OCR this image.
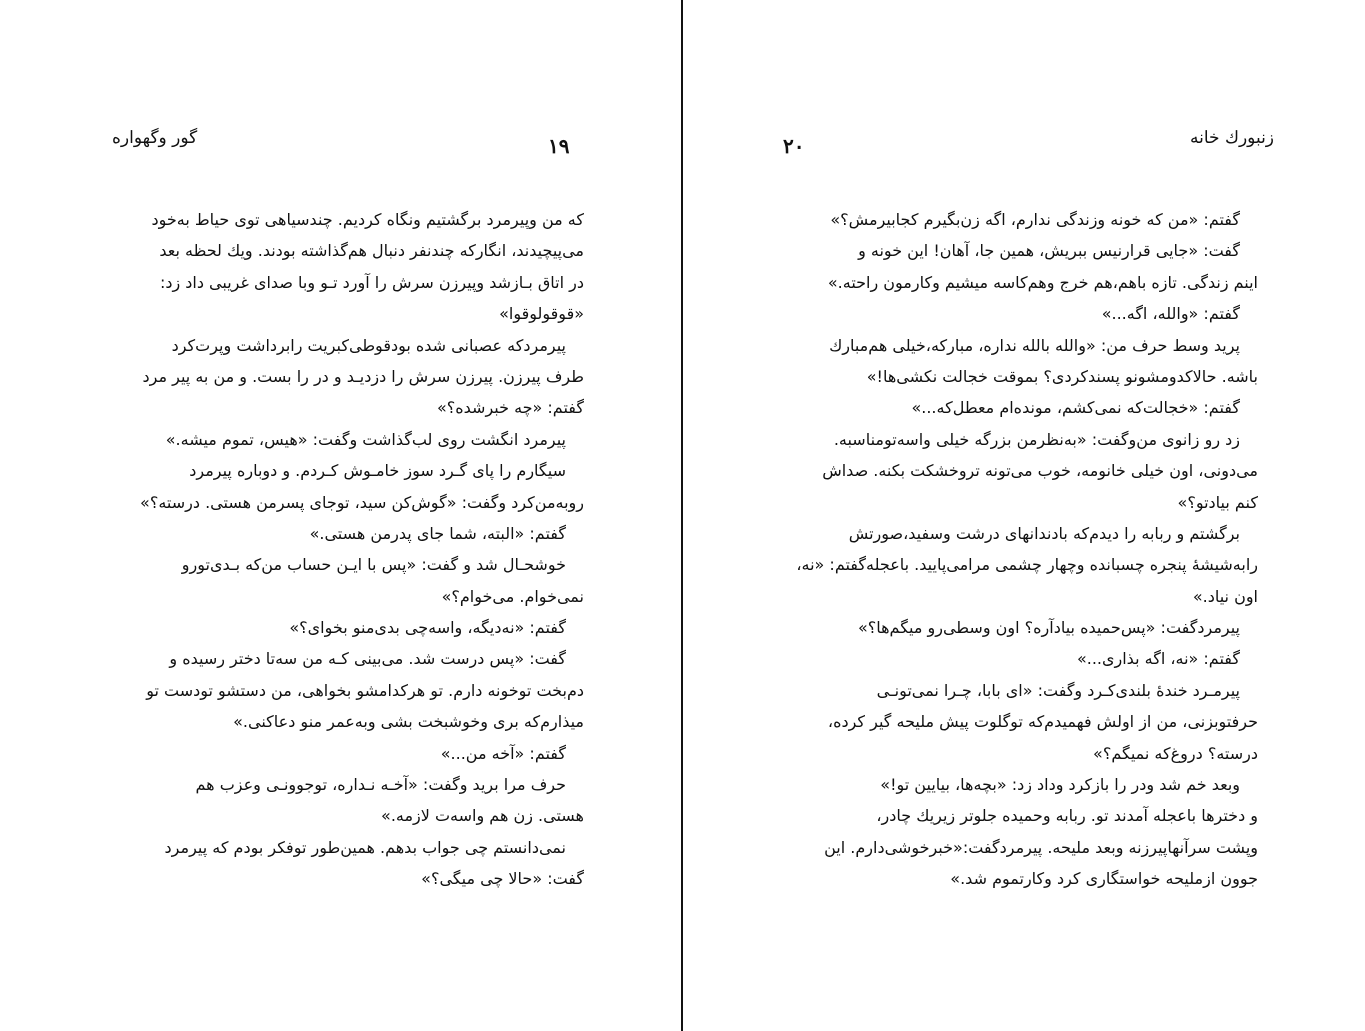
گور وگهواره	۱۹
که من وپیرمرد برگشتیم ونگاه کردیم. چندسیاهی توی حیاط به‌خود
می‌پیچیدند، انگارکه چندنفر دنبال هم‌گذاشته بودند. ویك لحظه بعد
در اتاق بـازشد وپیرزن سرش را آورد تـو وبا صدای غریبی داد زد:
«قوقولوقوا»
پیرمردکه عصبانی شده بودقوطی‌کبریت رابرداشت وپرت‌کرد
طرف پیرزن. پیرزن سرش را دزدیـد و در را بست. و من به پیر مرد
گفتم: «چه خبرشده؟»
پیرمرد انگشت روی لب‌گذاشت وگفت: «هیس، تموم میشه.»
سیگارم را پای گـرد سوز خامـوش کـردم. و دوباره پیرمرد
روبه‌من‌کرد وگفت: «گوش‌کن سید، توجای پسرمن هستی. درسته؟»
گفتم: «البته، شما جای پدرمن هستی.»
خوشحـال شد و گفت: «پس با ایـن حساب من‌که بـدی‌تورو
نمی‌خوام. می‌خوام؟»
گفتم: «نه‌دیگه، واسه‌چی بدی‌منو بخوای؟»
گفت: «پس درست شد. می‌بینی کـه من سه‌تا دختر رسیده و
دم‌بخت توخونه دارم. تو هرکدامشو بخواهی، من دستشو تودست تو
میذارم‌که بری وخوشبخت بشی وبه‌عمر منو دعاکنی.»
گفتم: «آخه من...»
حرف مرا برید وگفت: «آخـه نـداره، توجوونـی وعزب هم
هستی. زن هم واسه‌ت لازمه.»
نمی‌دانستم چی جواب بدهم. همین‌طور توفکر بودم که پیرمرد
گفت: «حالا چی میگی؟»
زنبورك خانه
۲۰
گفتم: «من که خونه وزندگی ندارم، اگه زن‌بگیرم کجابیرمش؟»
گفت: «جایی قرارنیس ببریش، همین جا، آهان! این خونه و
اینم زندگی. تازه باهم،هم خرج وهم‌کاسه میشیم وکارمون راحته.»
گفتم: «والله، اگه...»
پرید وسط حرف من: «والله بالله نداره، مبارکه،خیلی هم‌مبارك
باشه. حالاکدومشونو پسندکردی؟ بموقت خجالت نکشی‌ها!»
گفتم: «خجالت‌که نمی‌کشم، مونده‌ام معطل‌که...»
زد رو زانوی من‌وگفت: «به‌نظرمن بزرگه خیلی واسه‌تومناسبه.
می‌دونی، اون خیلی خانومه، خوب می‌تونه تروخشکت بکنه. صداش
کنم بیادتو؟»
برگشتم و ربابه را دیدم‌که بادندانهای درشت وسفید،صورتش
رابه‌شیشهٔ پنجره چسبانده وچهار چشمی مرامی‌پایید. باعجله‌گفتم: «نه،
اون نیاد.»
پیرمردگفت: «پس‌حمیده بیادآره؟ اون وسطی‌رو میگم‌ها؟»
گفتم: «نه، اگه بذاری...»
پیرمـرد خندهٔ بلندی‌کـرد وگفت: «ای بابا، چـرا نمی‌تونـی
حرفتوبزنی، من از اولش فهمیدم‌که توگلوت پیش ملیحه گیر کرده،
درسته؟ دروغ‌که نمیگم؟»
وبعد خم شد ودر را بازکرد وداد زد: «بچه‌ها، بیایین تو!»
و دخترها باعجله آمدند تو. ربابه وحمیده جلوتر زیریك چادر،
وپشت سرآنهاپیرزنه وبعد ملیحه. پیرمردگفت:«خبرخوشی‌دارم. این
جوون ازملیحه خواستگاری کرد وکارتموم شد.»
